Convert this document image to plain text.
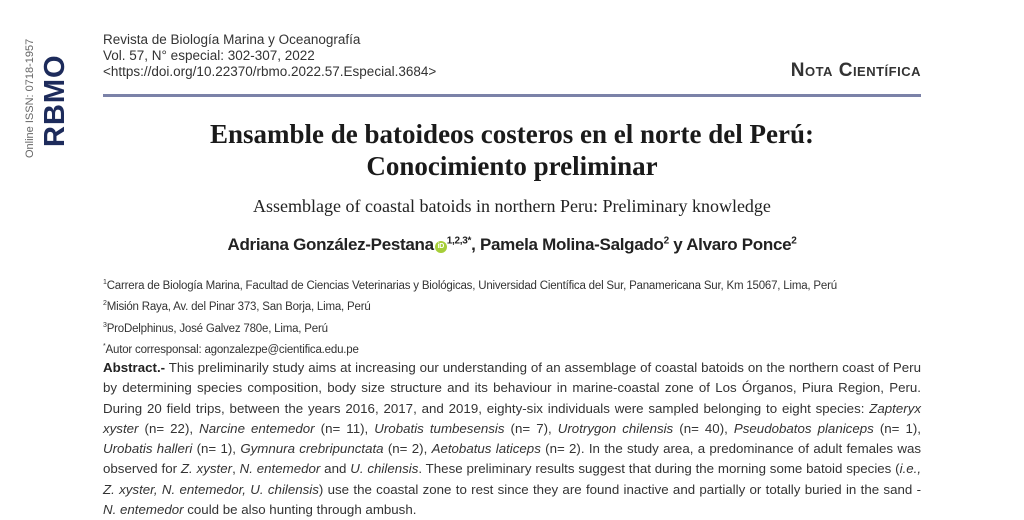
Online ISSN: 0718-1957 RBMO
Revista de Biología Marina y Oceanografía
Vol. 57, N° especial: 302-307, 2022
<https://doi.org/10.22370/rbmo.2022.57.Especial.3684>	Nota Científica
Ensamble de batoideos costeros en el norte del Perú:
Conocimiento preliminar
Assemblage of coastal batoids in northern Peru: Preliminary knowledge
Adriana González-Pestana $iD^{1,2,3*}$, Pamela Molina-Salgado$^2$ y Alvaro Ponce$^2$
$^1$Carrera de Biología Marina, Facultad de Ciencias Veterinarias y Biológicas, Universidad Científica del Sur, Panamericana Sur, Km 15067, Lima, Perú
$^2$Misión Raya, Av. del Pinar 373, San Borja, Lima, Perú
$^3$ProDelphinus, José Galvez 780e, Lima, Perú
*Autor corresponsal: agonzalezpe@cientifica.edu.pe
Abstract.- This preliminarily study aims at increasing our understanding of an assemblage of coastal batoids on the northern coast of Peru by determining species composition, body size structure and its behaviour in marine-coastal zone of Los Órganos, Piura Region, Peru. During 20 field trips, between the years 2016, 2017, and 2019, eighty-six individuals were sampled belonging to eight species: Zapteryx xyster (n= 22), Narcine entemedor (n= 11), Urobatis tumbesensis (n= 7), Urotrygon chilensis (n= 40), Pseudobatos planiceps (n= 1), Urobatis halleri (n= 1), Gymnura crebripunctata (n= 2), Aetobatus laticeps (n= 2). In the study area, a predominance of adult females was observed for Z. xyster, N. entemedor and U. chilensis. These preliminary results suggest that during the morning some batoid species (i.e., Z. xyster, N. entemedor, U. chilensis) use the coastal zone to rest since they are found inactive and partially or totally buried in the sand - N. entemedor could be also hunting through ambush.
